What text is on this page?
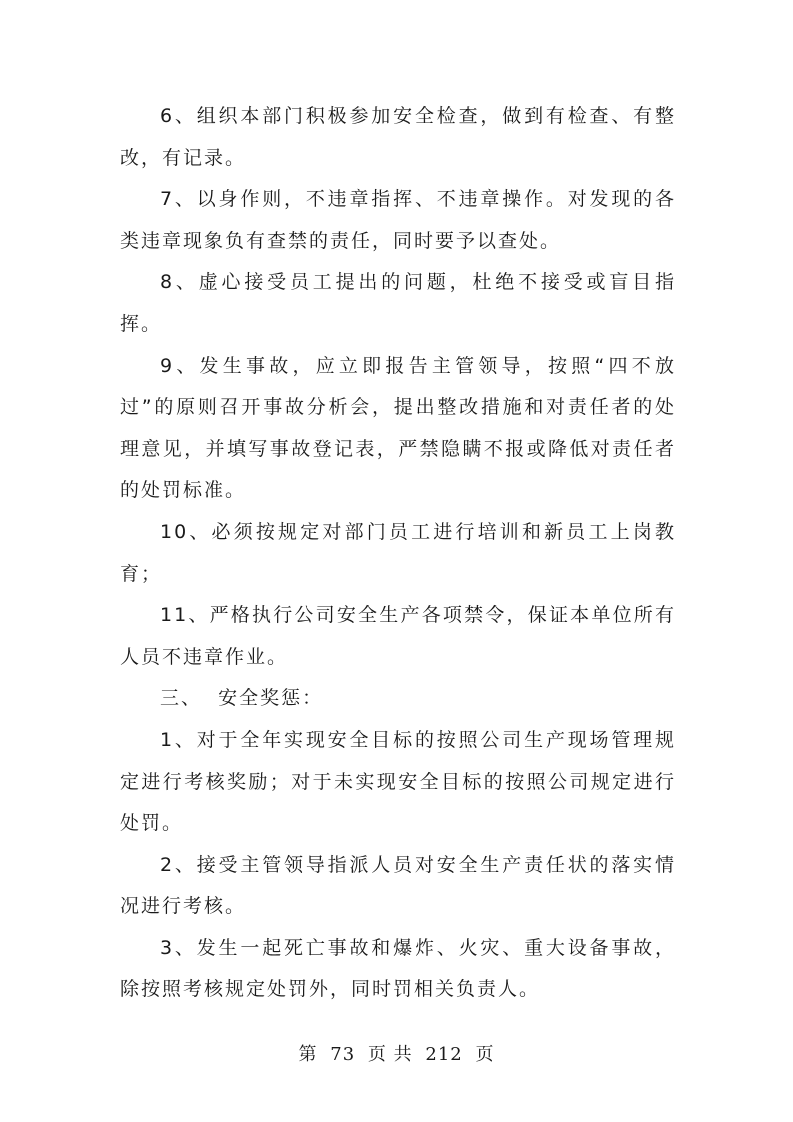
6、组织本部门积极参加安全检查，做到有检查、有整改，有记录。

7、以身作则，不违章指挥、不违章操作。对发现的各类违章现象负有查禁的责任，同时要予以查处。

8、虚心接受员工提出的问题，杜绝不接受或盲目指挥。

9、发生事故，应立即报告主管领导，按照“四不放过”的原则召开事故分析会，提出整改措施和对责任者的处理意见，并填写事故登记表，严禁隐瞒不报或降低对责任者的处罚标准。

10、必须按规定对部门员工进行培训和新员工上岗教育；

11、严格执行公司安全生产各项禁令，保证本单位所有人员不违章作业。

三、  安全奖惩：

1、对于全年实现安全目标的按照公司生产现场管理规定进行考核奖励；对于未实现安全目标的按照公司规定进行处罚。

2、接受主管领导指派人员对安全生产责任状的落实情况进行考核。

3、发生一起死亡事故和爆炸、火灾、重大设备事故，除按照考核规定处罚外，同时罚相关负责人。

第 73 页 共 212 页
